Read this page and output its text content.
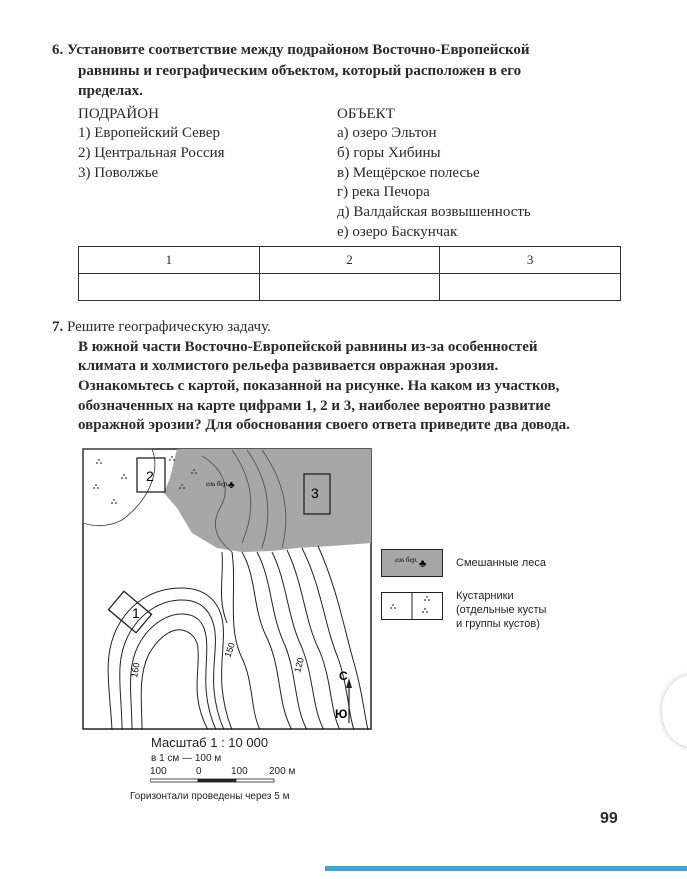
6. Установите соответствие между подрайоном Восточно-Европейской
равнины и географическим объектом, который расположен в его
пределах.
ПОДРАЙОН	ОБЪЕКТ
1) Европейский Север
2) Центральная Россия
3) Поволжье
а) озеро Эльтон
б) горы Хибины
в) Мещёрское полесье
г) река Печора
д) Валдайская возвышенность
е) озеро Баскунчак
1	2	3

7. Решите географическую задачу.
В южной части Восточно-Европейской равнины из-за особенностей
климата и холмистого рельефа развивается овражная эрозия.
Ознакомьтесь с картой, показанной на рисунке. На каком из участков,
обозначенных на карте цифрами 1, 2 и 3, наиболее вероятно развитие
овражной эрозии? Для обоснования своего ответа приведите два довода.
2
3
1
ель бер. ♣
160
150
120
С
Ю
ель бер. ♣	Смешанные леса
Кустарники
(отдельные кусты
и группы кустов)
Масштаб 1 : 10 000
в 1 см — 100 м
100	0	100 200 м
Горизонтали проведены через 5 м
99
